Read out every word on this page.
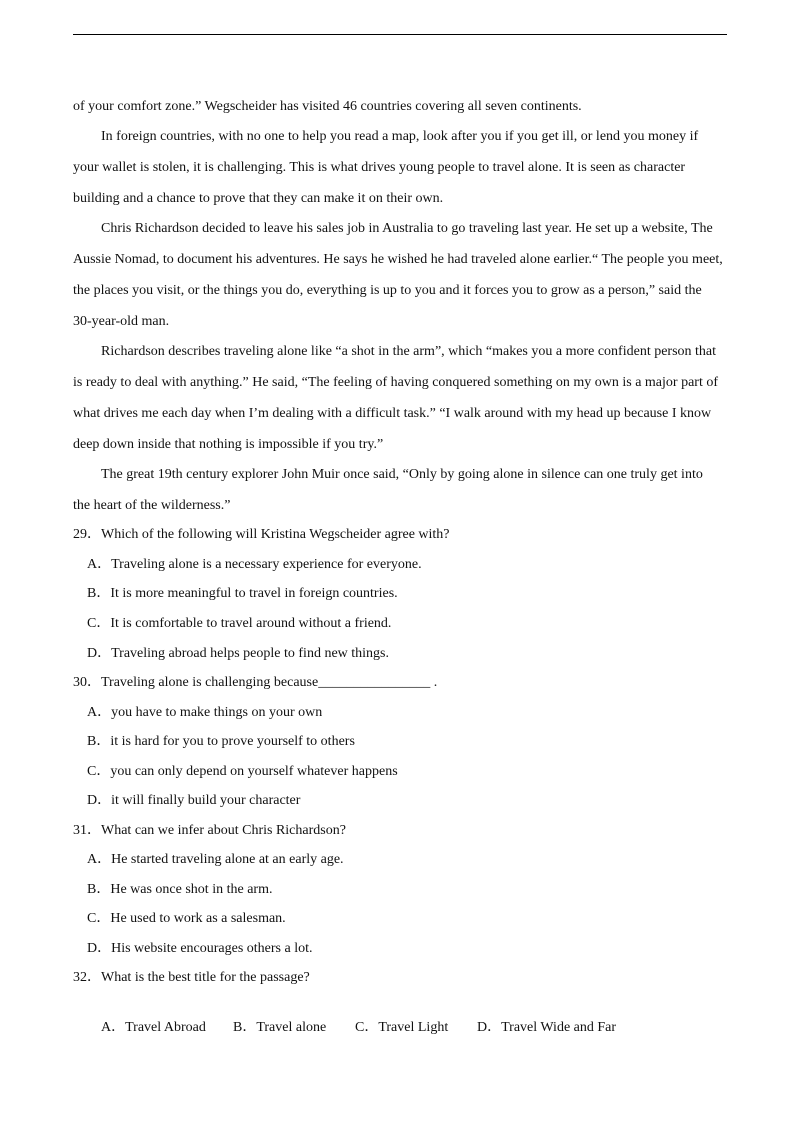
of your comfort zone.” Wegscheider has visited 46 countries covering all seven continents.
In foreign countries, with no one to help you read a map, look after you if you get ill, or lend you money if
your wallet is stolen, it is challenging. This is what drives young people to travel alone. It is seen as character
building and a chance to prove that they can make it on their own.
Chris Richardson decided to leave his sales job in Australia to go traveling last year. He set up a website, The
Aussie Nomad, to document his adventures. He says he wished he had traveled alone earlier.“ The people you meet,
the places you visit, or the things you do, everything is up to you and it forces you to grow as a person,” said the
30-year-old man.
Richardson describes traveling alone like “a shot in the arm”, which “makes you a more confident person that
is ready to deal with anything.” He said, “The feeling of having conquered something on my own is a major part of
what drives me each day when I’m dealing with a difficult task.” “I walk around with my head up because I know
deep down inside that nothing is impossible if you try.”
The great 19th century explorer John Muir once said, “Only by going alone in silence can one truly get into
the heart of the wilderness.”
29．Which of the following will Kristina Wegscheider agree with?
A．Traveling alone is a necessary experience for everyone.
B．It is more meaningful to travel in foreign countries.
C．It is comfortable to travel around without a friend.
D．Traveling abroad helps people to find new things.
30．Traveling alone is challenging because________________ .
A．you have to make things on your own
B．it is hard for you to prove yourself to others
C．you can only depend on yourself whatever happens
D．it will finally build your character
31．What can we infer about Chris Richardson?
A．He started traveling alone at an early age.
B．He was once shot in the arm.
C．He used to work as a salesman.
D．His website encourages others a lot.
32．What is the best title for the passage?

A．Travel Abroad B．Travel alone C．Travel Light D．Travel Wide and Far
